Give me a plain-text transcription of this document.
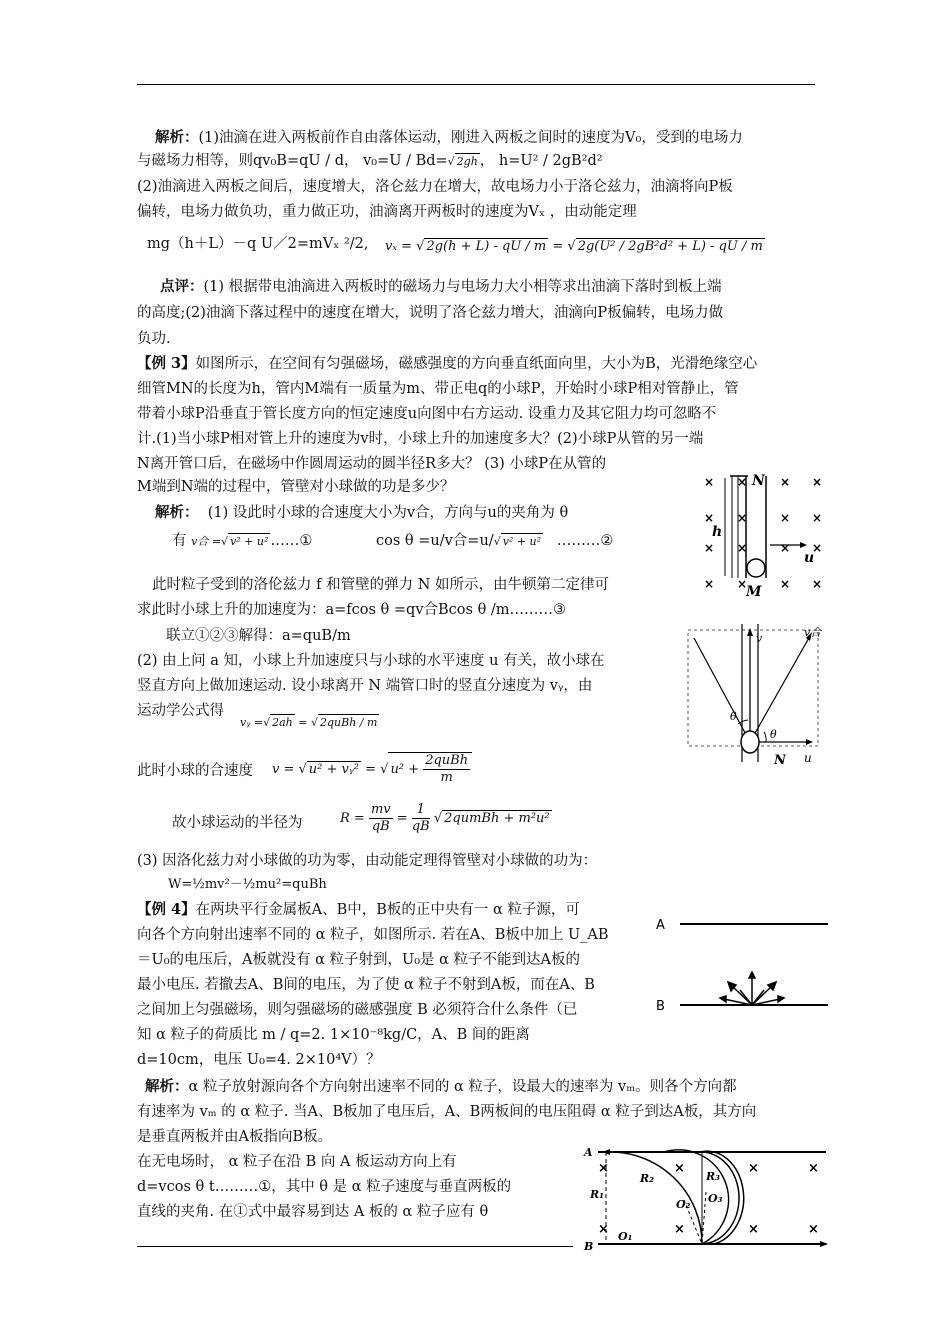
解析：(1)油滴在进入两板前作自由落体运动，刚进入两板之间时的速度为V₀，受到的电场力
与磁场力相等，则qv₀B=qU / d， v₀=U / Bd=√ 2gh ， h=U² / 2gB²d²
(2)油滴进入两板之间后，速度增大，洛仑兹力在增大，故电场力小于洛仑兹力，油滴将向P板
偏转，电场力做负功，重力做正功，油滴离开两板时的速度为Vₓ ，由动能定理
mg（h＋L）－q U／2=mVₓ ²/2, vₓ = √ 2g(h + L) - qU / m = √ 2g(U² / 2gB²d² + L) - qU / m
点评：(1) 根据带电油滴进入两板时的磁场力与电场力大小相等求出油滴下落时到板上端
的高度;(2)油滴下落过程中的速度在增大，说明了洛仑兹力增大，油滴向P板偏转，电场力做
负功.
【例 3】如图所示，在空间有匀强磁场，磁感强度的方向垂直纸面向里，大小为B，光滑绝缘空心
细管MN的长度为h，管内M端有一质量为m、带正电q的小球P，开始时小球P相对管静止，管
带着小球P沿垂直于管长度方向的恒定速度u向图中右方运动. 设重力及其它阻力均可忽略不
计.(1)当小球P相对管上升的速度为v时，小球上升的加速度多大？(2)小球P从管的另一端
N离开管口后，在磁场中作圆周运动的圆半径R多大？ (3) 小球P在从管的
M端到N端的过程中，管壁对小球做的功是多少？
解析： (1) 设此时小球的合速度大小为v合，方向与u的夹角为 θ
有 v合 =√ v² + u² ……①	cos θ =u/v合=u/√ v² + u² ………②
此时粒子受到的洛伦兹力 f 和管壁的弹力 N 如所示，由牛顿第二定律可
求此时小球上升的加速度为：a=fcos θ =qv合Bcos θ /m………③
联立①②③解得：a=quB/m
(2) 由上问 a 知，小球上升加速度只与小球的水平速度 u 有关，故小球在
竖直方向上做加速运动. 设小球离开 N 端管口时的竖直分速度为 vᵧ，由
运动学公式得
vᵧ =√ 2ah = √ 2quBh / m
此时小球的合速度 v = √ u² + vᵧ² = √ $u^2 + \frac{\text{2quBh}}{m}$
故小球运动的半径为	$R = \frac{mv}{qB} = \frac{1}{qB}$ √ 2qumBh + m²u²
(3) 因洛化兹力对小球做的功为零，由动能定理得管壁对小球做的功为：
W=½mv²－½mu²=quBh
【例 4】在两块平行金属板A、B中，B板的正中央有一 α 粒子源，可
向各个方向射出速率不同的 α 粒子，如图所示. 若在A、B板中加上 U_AB
＝U₀的电压后，A板就没有 α 粒子射到，U₀是 α 粒子不能到达A板的
最小电压. 若撤去A、B间的电压，为了使 α 粒子不射到A板，而在A、B
之间加上匀强磁场，则匀强磁场的磁感强度 B 必须符合什么条件（已
知 α 粒子的荷质比 m / q=2. 1×10⁻⁸kg/C，A、B 间的距离
d=10cm，电压 U₀=4. 2×10⁴V）？
解析：α 粒子放射源向各个方向射出速率不同的 α 粒子，设最大的速率为 vₘ。则各个方向都
有速率为 vₘ 的 α 粒子. 当A、B板加了电压后，A、B两板间的电压阻碍 α 粒子到达A板，其方向
是垂直两板并由A板指向B板。
在无电场时， α 粒子在沿 B 向 A 板运动方向上有
d=vcos θ t………①，其中 θ 是 α 粒子速度与垂直两板的
直线的夹角. 在①式中最容易到达 A 板的 α 粒子应有 θ
×
×
×
×
×
×
×
×
×
×
×
×
×
×
×
×
N
M
h
u
v	v合
θ
θ
N u
A
B
×
×
×
×
×
×
×
×
A
B
R₁
R₂	R₃
O₁
O₂ O₃
